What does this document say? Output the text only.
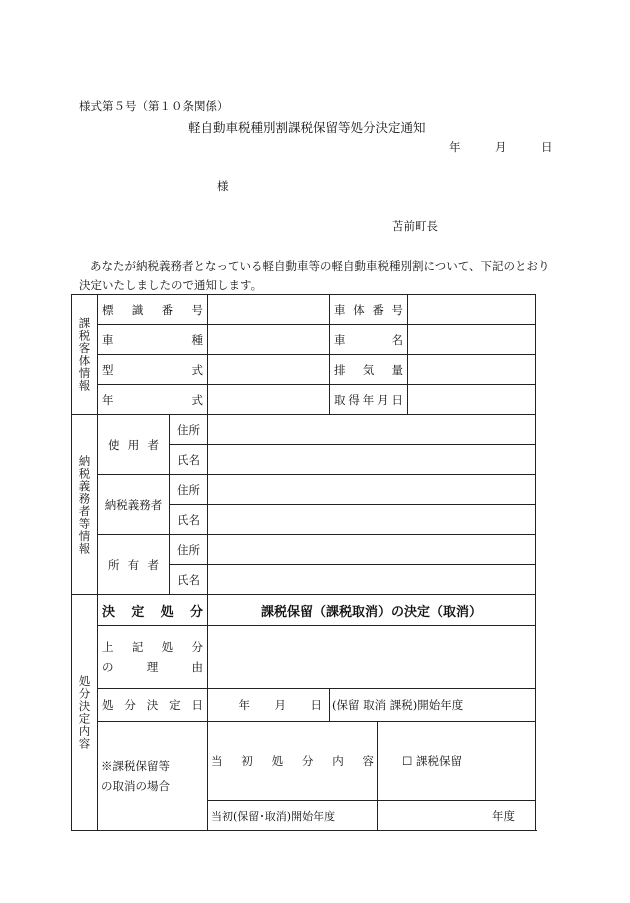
様式第５号（第１０条関係）
軽自動車税種別割課税保留等処分決定通知
年	月	日
様
苫前町長
あなたが納税義務者となっている軽自動車等の軽自動車税種別割について、下記のとおり
決定いたしましたので通知します。
課税客体情報	標識番号			車体番号			
	車種			車名			
	型式			排気量			
	年式			取得年月日			
納税義務者等情報	使用者	住所					
		氏名					
	納税義務者	住所					
		氏名					
	所有者	住所					
		氏名					
処分決定内容	決定処分		課税保留（課税取消）の決定（取消）				

	上記処分
の理由						

	処分決定日		年 月 日	(保留 取消 課税)開始年度	

	※課税保留等
の取消の場合		当初処分内容		☐ 課税保留	
			当初(保留･取消)開始年度		年度		
